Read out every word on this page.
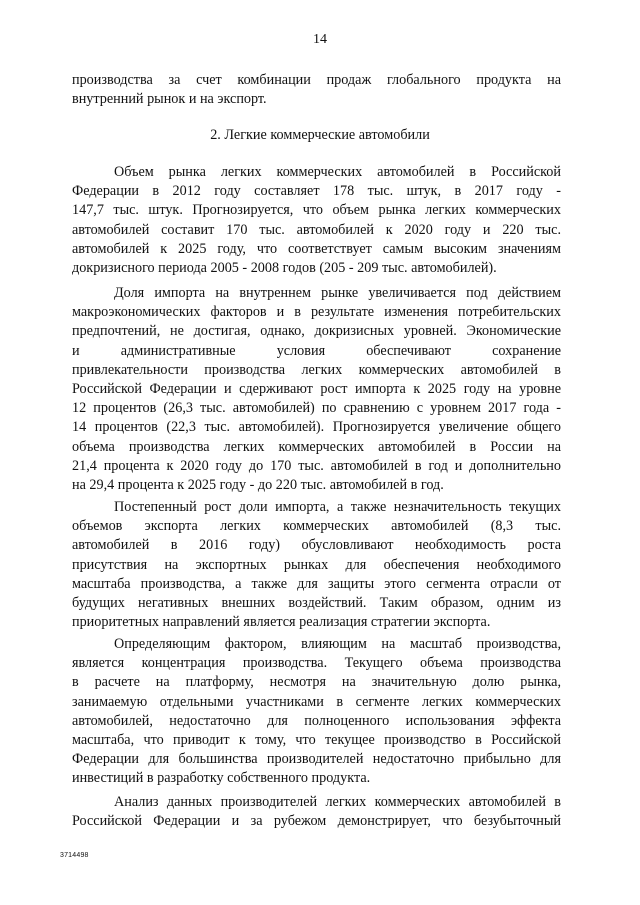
14
производства за счет комбинации продаж глобального продукта на
внутренний рынок и на экспорт.
2. Легкие коммерческие автомобили
Объем рынка легких коммерческих автомобилей в Российской
Федерации в 2012 году составляет 178 тыс. штук, в 2017 году -
147,7 тыс. штук. Прогнозируется, что объем рынка легких коммерческих
автомобилей составит 170 тыс. автомобилей к 2020 году и 220 тыс.
автомобилей к 2025 году, что соответствует самым высоким значениям
докризисного периода 2005 - 2008 годов (205 - 209 тыс. автомобилей).
Доля импорта на внутреннем рынке увеличивается под действием
макроэкономических факторов и в результате изменения потребительских
предпочтений, не достигая, однако, докризисных уровней. Экономические
и административные условия обеспечивают сохранение
привлекательности производства легких коммерческих автомобилей в
Российской Федерации и сдерживают рост импорта к 2025 году на уровне
12 процентов (26,3 тыс. автомобилей) по сравнению с уровнем 2017 года -
14 процентов (22,3 тыс. автомобилей). Прогнозируется увеличение общего
объема производства легких коммерческих автомобилей в России на
21,4 процента к 2020 году до 170 тыс. автомобилей в год и дополнительно
на 29,4 процента к 2025 году - до 220 тыс. автомобилей в год.
Постепенный рост доли импорта, а также незначительность текущих
объемов экспорта легких коммерческих автомобилей (8,3 тыс.
автомобилей в 2016 году) обусловливают необходимость роста
присутствия на экспортных рынках для обеспечения необходимого
масштаба производства, а также для защиты этого сегмента отрасли от
будущих негативных внешних воздействий. Таким образом, одним из
приоритетных направлений является реализация стратегии экспорта.
Определяющим фактором, влияющим на масштаб производства,
является концентрация производства. Текущего объема производства
в расчете на платформу, несмотря на значительную долю рынка,
занимаемую отдельными участниками в сегменте легких коммерческих
автомобилей, недостаточно для полноценного использования эффекта
масштаба, что приводит к тому, что текущее производство в Российской
Федерации для большинства производителей недостаточно прибыльно для
инвестиций в разработку собственного продукта.
Анализ данных производителей легких коммерческих автомобилей в
Российской Федерации и за рубежом демонстрирует, что безубыточный
3714498
